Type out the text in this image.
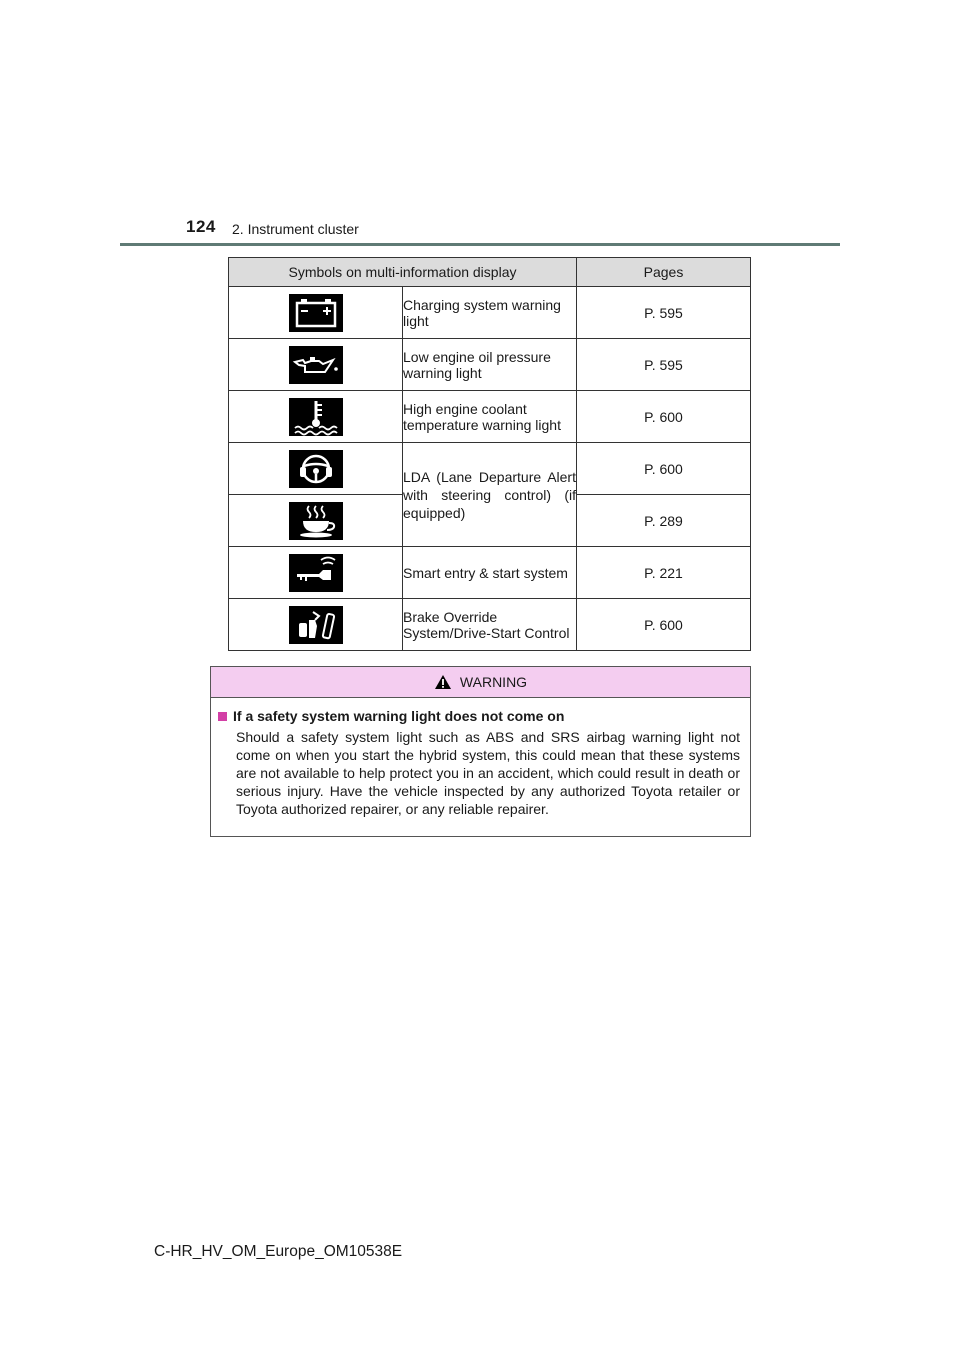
124 2. Instrument cluster
Symbols on multi-information display		Pages

	Charging system warning light	P. 595

	Low engine oil pressure warning light	P. 595

	High engine coolant temperature warning light	P. 600

	LDA (Lane Departure Alert with steering control) (if equipped)	P. 600

	P. 289

	Smart entry & start system	P. 221

	Brake Override System/Drive-Start Control	P. 600
WARNING
If a safety system warning light does not come on
Should a safety system light such as ABS and SRS airbag warning light not come on when you start the hybrid system, this could mean that these systems are not available to help protect you in an accident, which could result in death or serious injury. Have the vehicle inspected by any authorized Toyota retailer or Toyota authorized repairer, or any reliable repairer.
C-HR_HV_OM_Europe_OM10538E
